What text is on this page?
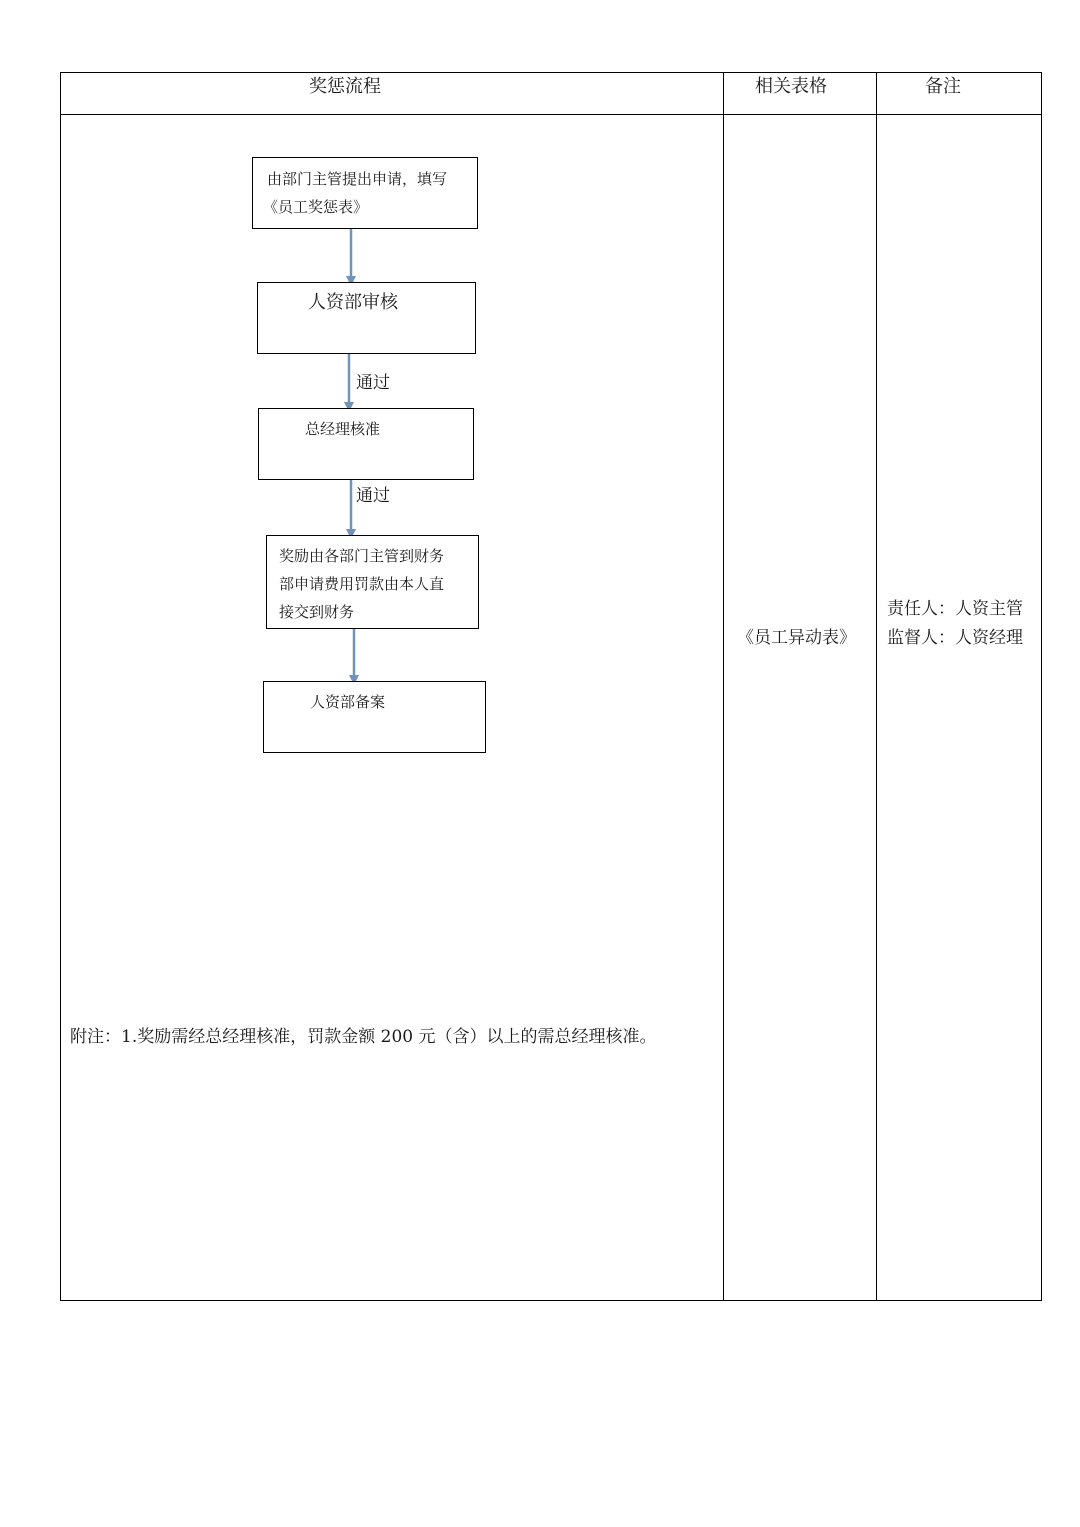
奖惩流程	相关表格	备注
由部门主管提出申请，填写
《员工奖惩表》
人资部审核
通过
总经理核准
通过
奖励由各部门主管到财务
部申请费用罚款由本人直
接交到财务
人资部备案
《员工异动表》
责任人：人资主管
监督人：人资经理
附注：1.奖励需经总经理核准，罚款金额 200 元（含）以上的需总经理核准。
